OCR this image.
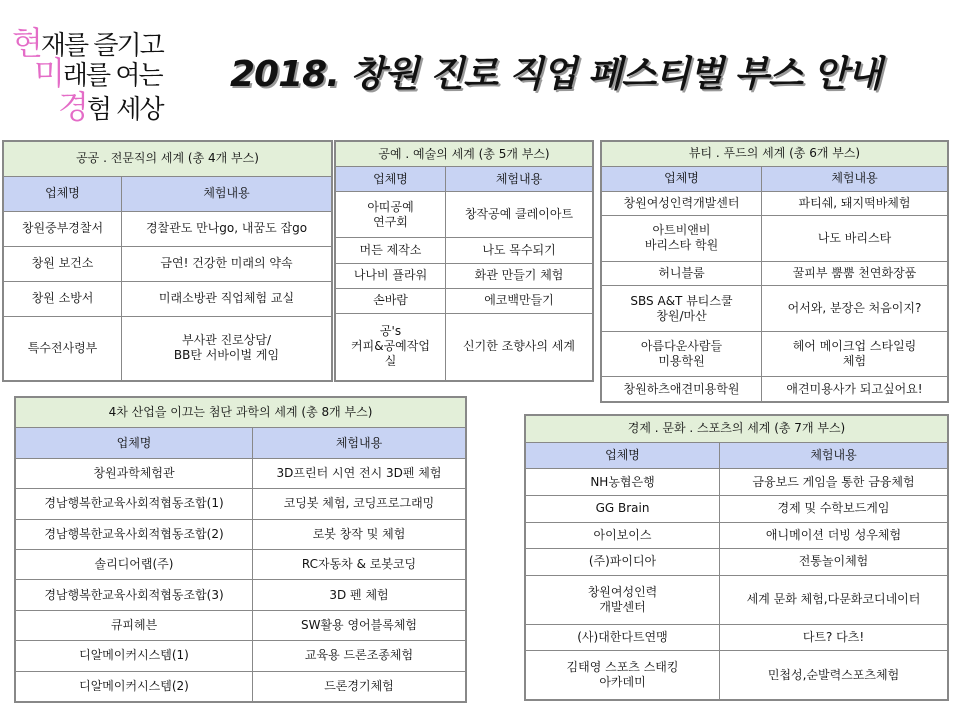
현재를 즐기고
미래를 여는
경험 세상
2018. 창원 진로 직업 페스티벌 부스 안내
공공 . 전문직의 세계 (총 4개 부스)	
업체명	체험내용
창원중부경찰서	경찰관도 만나go, 내꿈도 잡go
창원 보건소	금연! 건강한 미래의 약속
창원 소방서	미래소방관 직업체험 교실
특수전사령부	부사관 진로상담/
BB탄 서바이벌 게임
공예 . 예술의 세계 (총 5개 부스)	
업체명	체험내용
아띠공예
연구회	창작공예 클레이아트
머든 제작소	나도 목수되기
나나비 플라워	화관 만들기 체험
손바람	에코백만들기
공's
커피&공예작업
실	신기한 조향사의 세계
뷰티 . 푸드의 세계 (총 6개 부스)	
업체명	체험내용
창원여성인력개발센터	파티쉐, 돼지떡바체험
아트비앤비
바리스타 학원	나도 바리스타
허니블룸	꿀피부 뿜뿜 천연화장품
SBS A&T 뷰티스쿨
창원/마산	어서와, 분장은 처음이지?
아름다운사람들
미용학원	헤어 메이크업 스타일링
체험
창원하츠애견미용학원	애견미용사가 되고싶어요!
4차 산업을 이끄는 첨단 과학의 세계 (총 8개 부스)	
업체명	체험내용
창원과학체험관	3D프린터 시연 전시 3D펜 체험
경남행복한교육사회적협동조합(1)	코딩봇 체험, 코딩프로그래밍
경남행복한교육사회적협동조합(2)	로봇 창작 및 체험
솔리디어랩(주)	RC자동차 & 로봇코딩
경남행복한교육사회적협동조합(3)	3D 펜 체험
큐피헤븐	SW활용 영어블록체험
디알메이커시스템(1)	교육용 드론조종체험
디알메이커시스템(2)	드론경기체험
경제 . 문화 . 스포츠의 세계 (총 7개 부스)	
업체명	체험내용
NH농협은행	금융보드 게임을 통한 금융체험
GG Brain	경제 및 수학보드게임
아이보이스	애니메이션 더빙 성우체험
(주)파이디아	전통놀이체험
창원여성인력
개발센터	세계 문화 체험,다문화코디네이터
(사)대한다트연맹	다트? 다츠!
김태영 스포츠 스태킹
아카데미	민첩성,순발력스포츠체험
